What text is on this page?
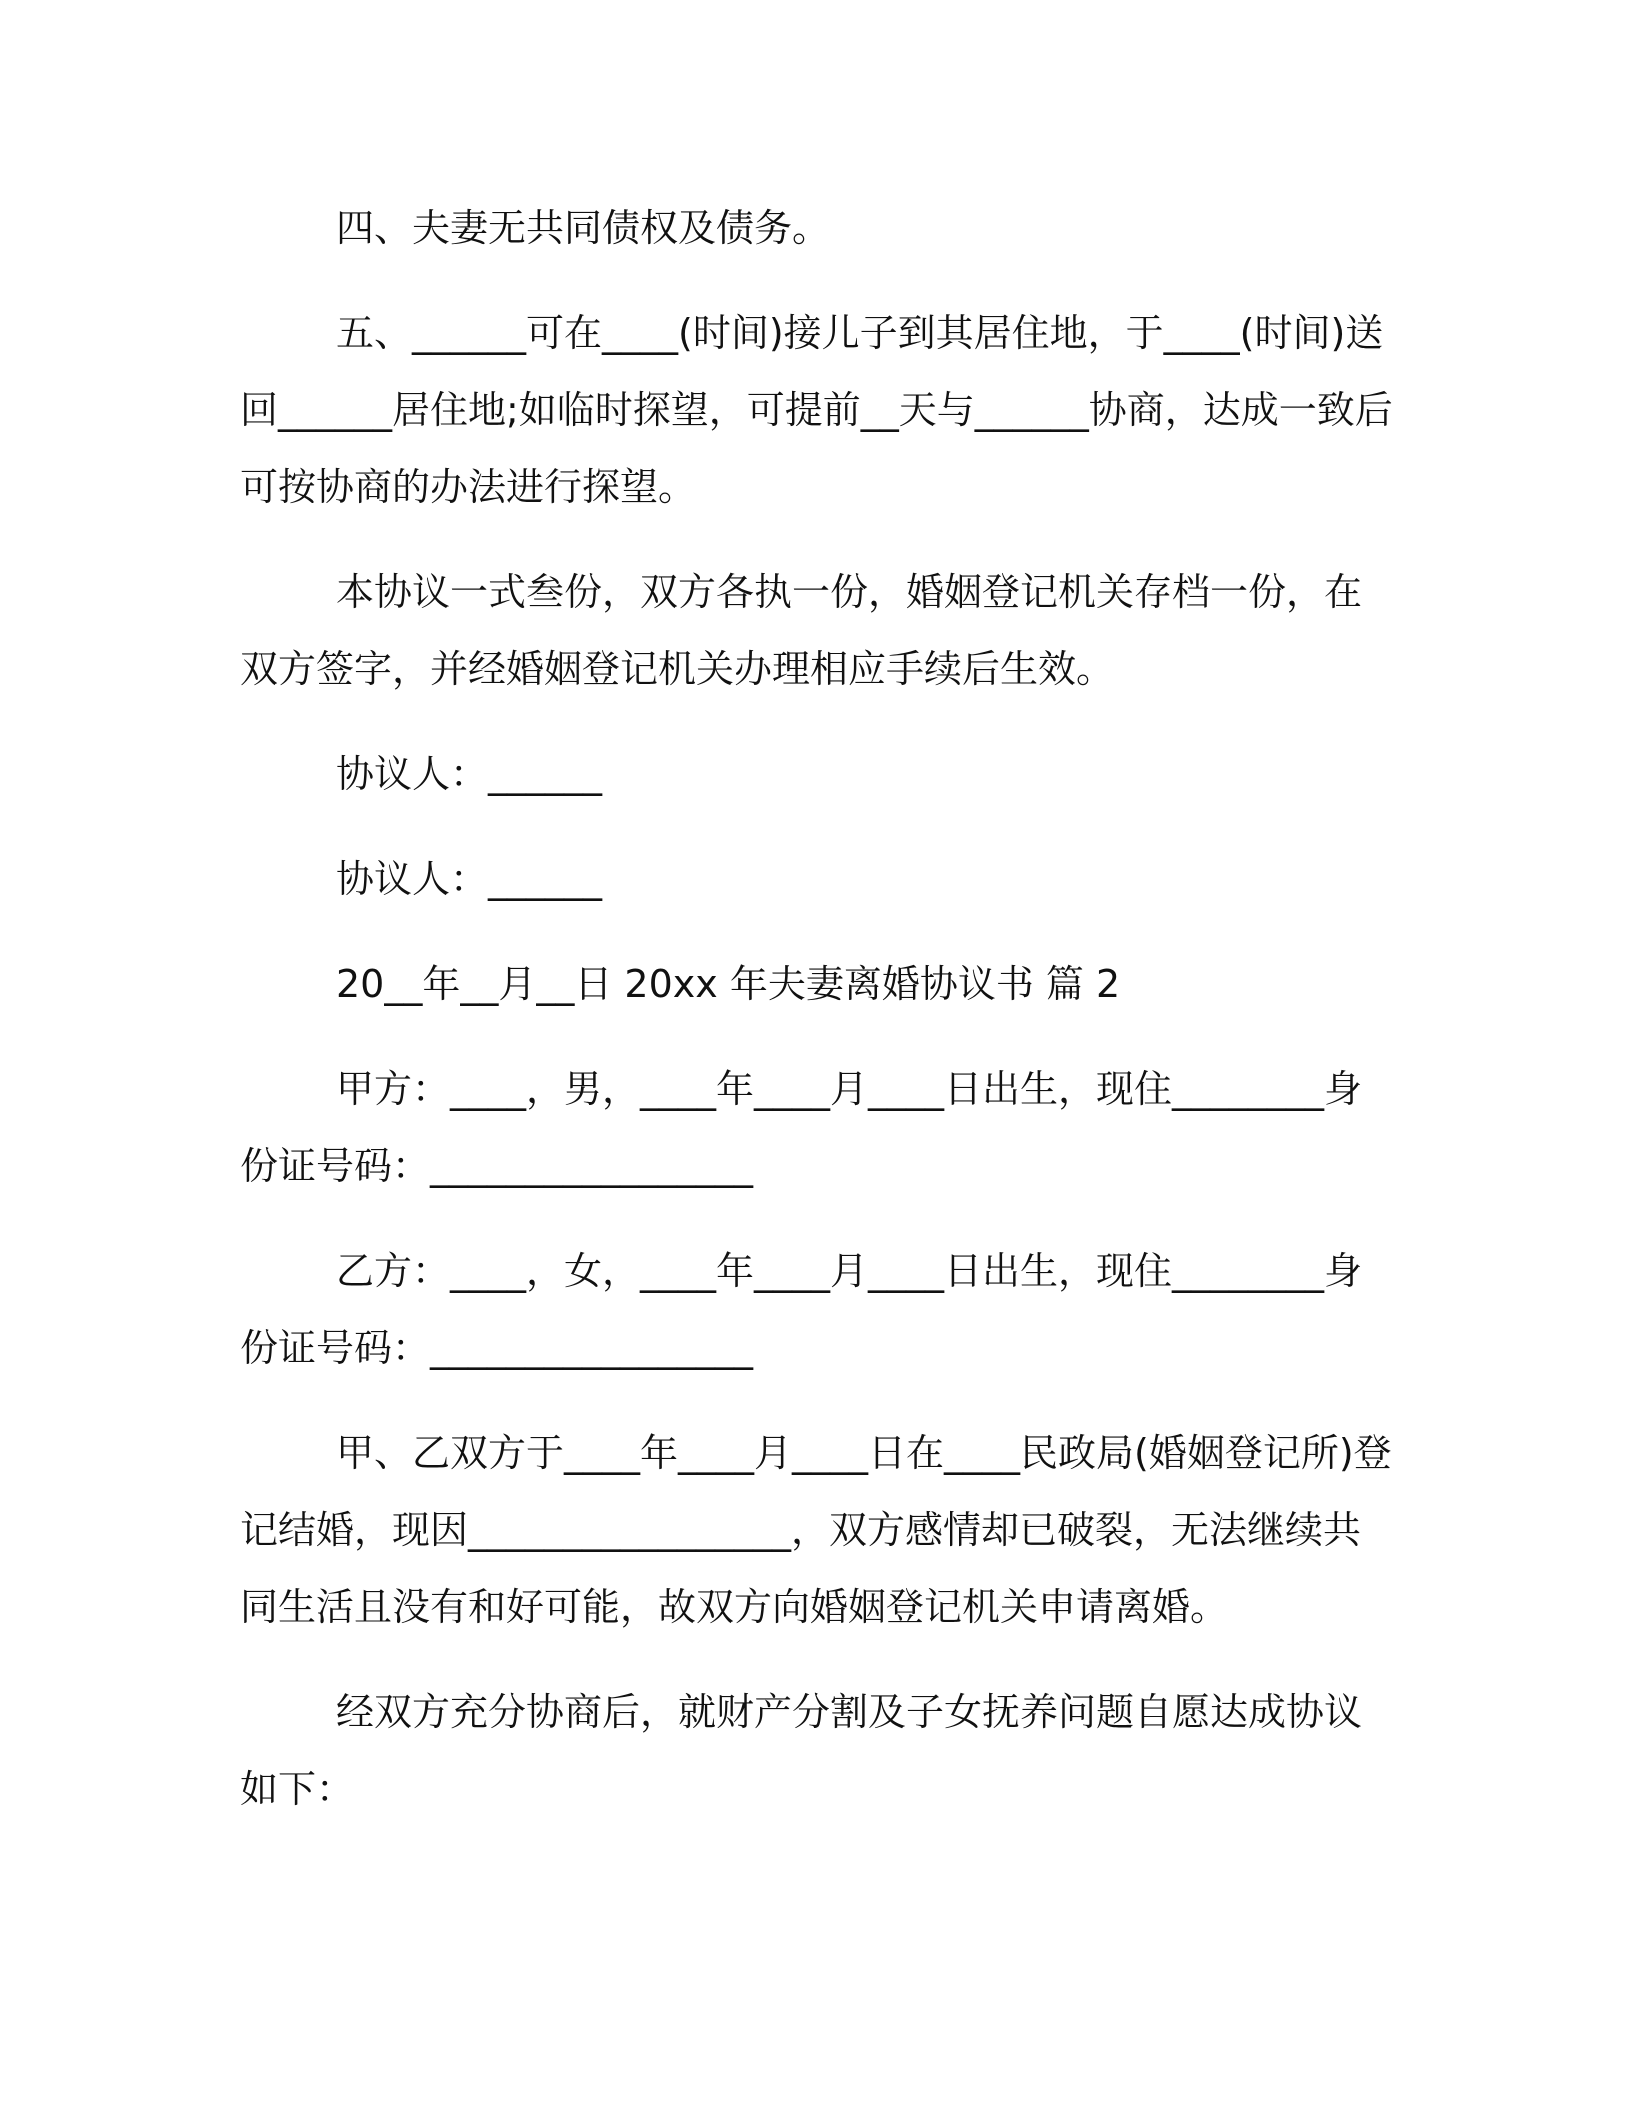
四、夫妻无共同债权及债务。

五、______可在____(时间)接儿子到其居住地，于____(时间)送回______居住地;如临时探望，可提前__天与______协商，达成一致后可按协商的办法进行探望。

本协议一式叁份，双方各执一份，婚姻登记机关存档一份，在双方签字，并经婚姻登记机关办理相应手续后生效。

协议人：______

协议人：______

20__年__月__日 20xx 年夫妻离婚协议书 篇 2

甲方：____，男，____年____月____日出生，现住________身份证号码：_________________

乙方：____，女，____年____月____日出生，现住________身份证号码：_________________

甲、乙双方于____年____月____日在____民政局(婚姻登记所)登记结婚，现因_________________，双方感情却已破裂，无法继续共同生活且没有和好可能，故双方向婚姻登记机关申请离婚。

经双方充分协商后，就财产分割及子女抚养问题自愿达成协议如下：
